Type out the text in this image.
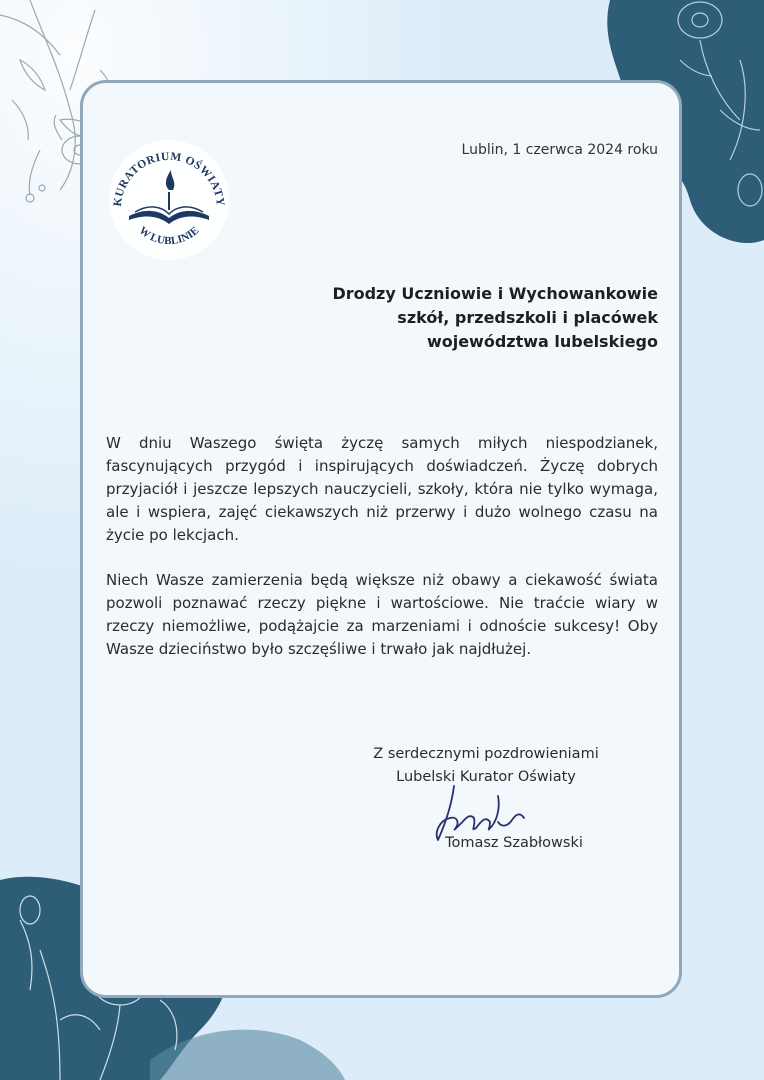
KURATORIUM OŚWIATY
W LUBLINIE
Lublin, 1 czerwca 2024 roku
Drodzy Uczniowie i Wychowankowie
szkół, przedszkoli i placówek
województwa lubelskiego

W dniu Waszego święta życzę samych miłych niespodzianek, fascynujących przygód i inspirujących doświadczeń. Życzę dobrych przyjaciół i jeszcze lepszych nauczycieli, szkoły, która nie tylko wymaga, ale i wspiera, zajęć ciekawszych niż przerwy i dużo wolnego czasu na życie po lekcjach.

Niech Wasze zamierzenia będą większe niż obawy a ciekawość świata pozwoli poznawać rzeczy piękne i wartościowe. Nie traćcie wiary w rzeczy niemożliwe, podążajcie za marzeniami i odnoście sukcesy! Oby Wasze dzieciństwo było szczęśliwe i trwało jak najdłużej.

Z serdecznymi pozdrowieniami
Lubelski Kurator Oświaty
Tomasz Szabłowski
